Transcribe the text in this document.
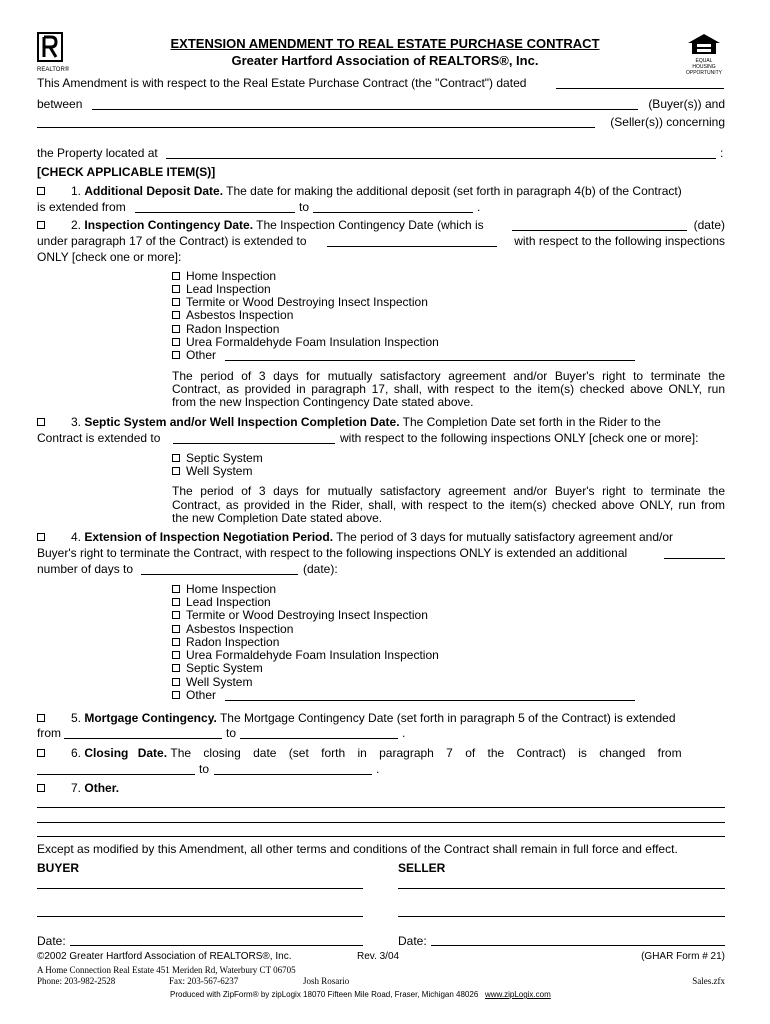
REALTOR®
EQUAL HOUSING OPPORTUNITY
EXTENSION AMENDMENT TO REAL ESTATE PURCHASE CONTRACT
Greater Hartford Association of REALTORS®, Inc.
This Amendment is with respect to the Real Estate Purchase Contract (the "Contract") dated
between	(Buyer(s)) and
(Seller(s)) concerning
the Property located at	:
[CHECK APPLICABLE ITEM(S)]
1. Additional Deposit Date. The date for making the additional deposit (set forth in paragraph 4(b) of the Contract)
is extended from	to	.
2. Inspection Contingency Date. The Inspection Contingency Date (which is	(date)
under paragraph 17 of the Contract) is extended to	with respect to the following inspections
ONLY [check one or more]:
Home Inspection
Lead Inspection
Termite or Wood Destroying Insect Inspection
Asbestos Inspection
Radon Inspection
Urea Formaldehyde Foam Insulation Inspection
Other
The period of 3 days for mutually satisfactory agreement and/or Buyer's right to terminate the
Contract, as provided in paragraph 17, shall, with respect to the item(s) checked above ONLY, run
from the new Inspection Contingency Date stated above.
3. Septic System and/or Well Inspection Completion Date. The Completion Date set forth in the Rider to the
Contract is extended to	with respect to the following inspections ONLY [check one or more]:
Septic System
Well System
The period of 3 days for mutually satisfactory agreement and/or Buyer's right to terminate the
Contract, as provided in the Rider, shall, with respect to the item(s) checked above ONLY, run from
the new Completion Date stated above.
4. Extension of Inspection Negotiation Period. The period of 3 days for mutually satisfactory agreement and/or
Buyer's right to terminate the Contract, with respect to the following inspections ONLY is extended an additional
number of days to	(date):
Home Inspection
Lead Inspection
Termite or Wood Destroying Insect Inspection
Asbestos Inspection
Radon Inspection
Urea Formaldehyde Foam Insulation Inspection
Septic System
Well System
Other
5. Mortgage Contingency. The Mortgage Contingency Date (set forth in paragraph 5 of the Contract) is extended
from	to	.
6. Closing Date. The closing date (set forth in paragraph 7 of the Contract) is changed from
to	.
7. Other.
Except as modified by this Amendment, all other terms and conditions of the Contract shall remain in full force and effect.
BUYER	SELLER
Date:	Date:
©2002 Greater Hartford Association of REALTORS®, Inc.	Rev. 3/04	(GHAR Form # 21)
A Home Connection Real Estate 451 Meriden Rd, Waterbury CT 06705
Phone: 203-982-2528	Fax: 203-567-6237	Josh Rosario	Sales.zfx
Produced with ZipForm® by zipLogix 18070 Fifteen Mile Road, Fraser, Michigan 48026 www.zipLogix.com
